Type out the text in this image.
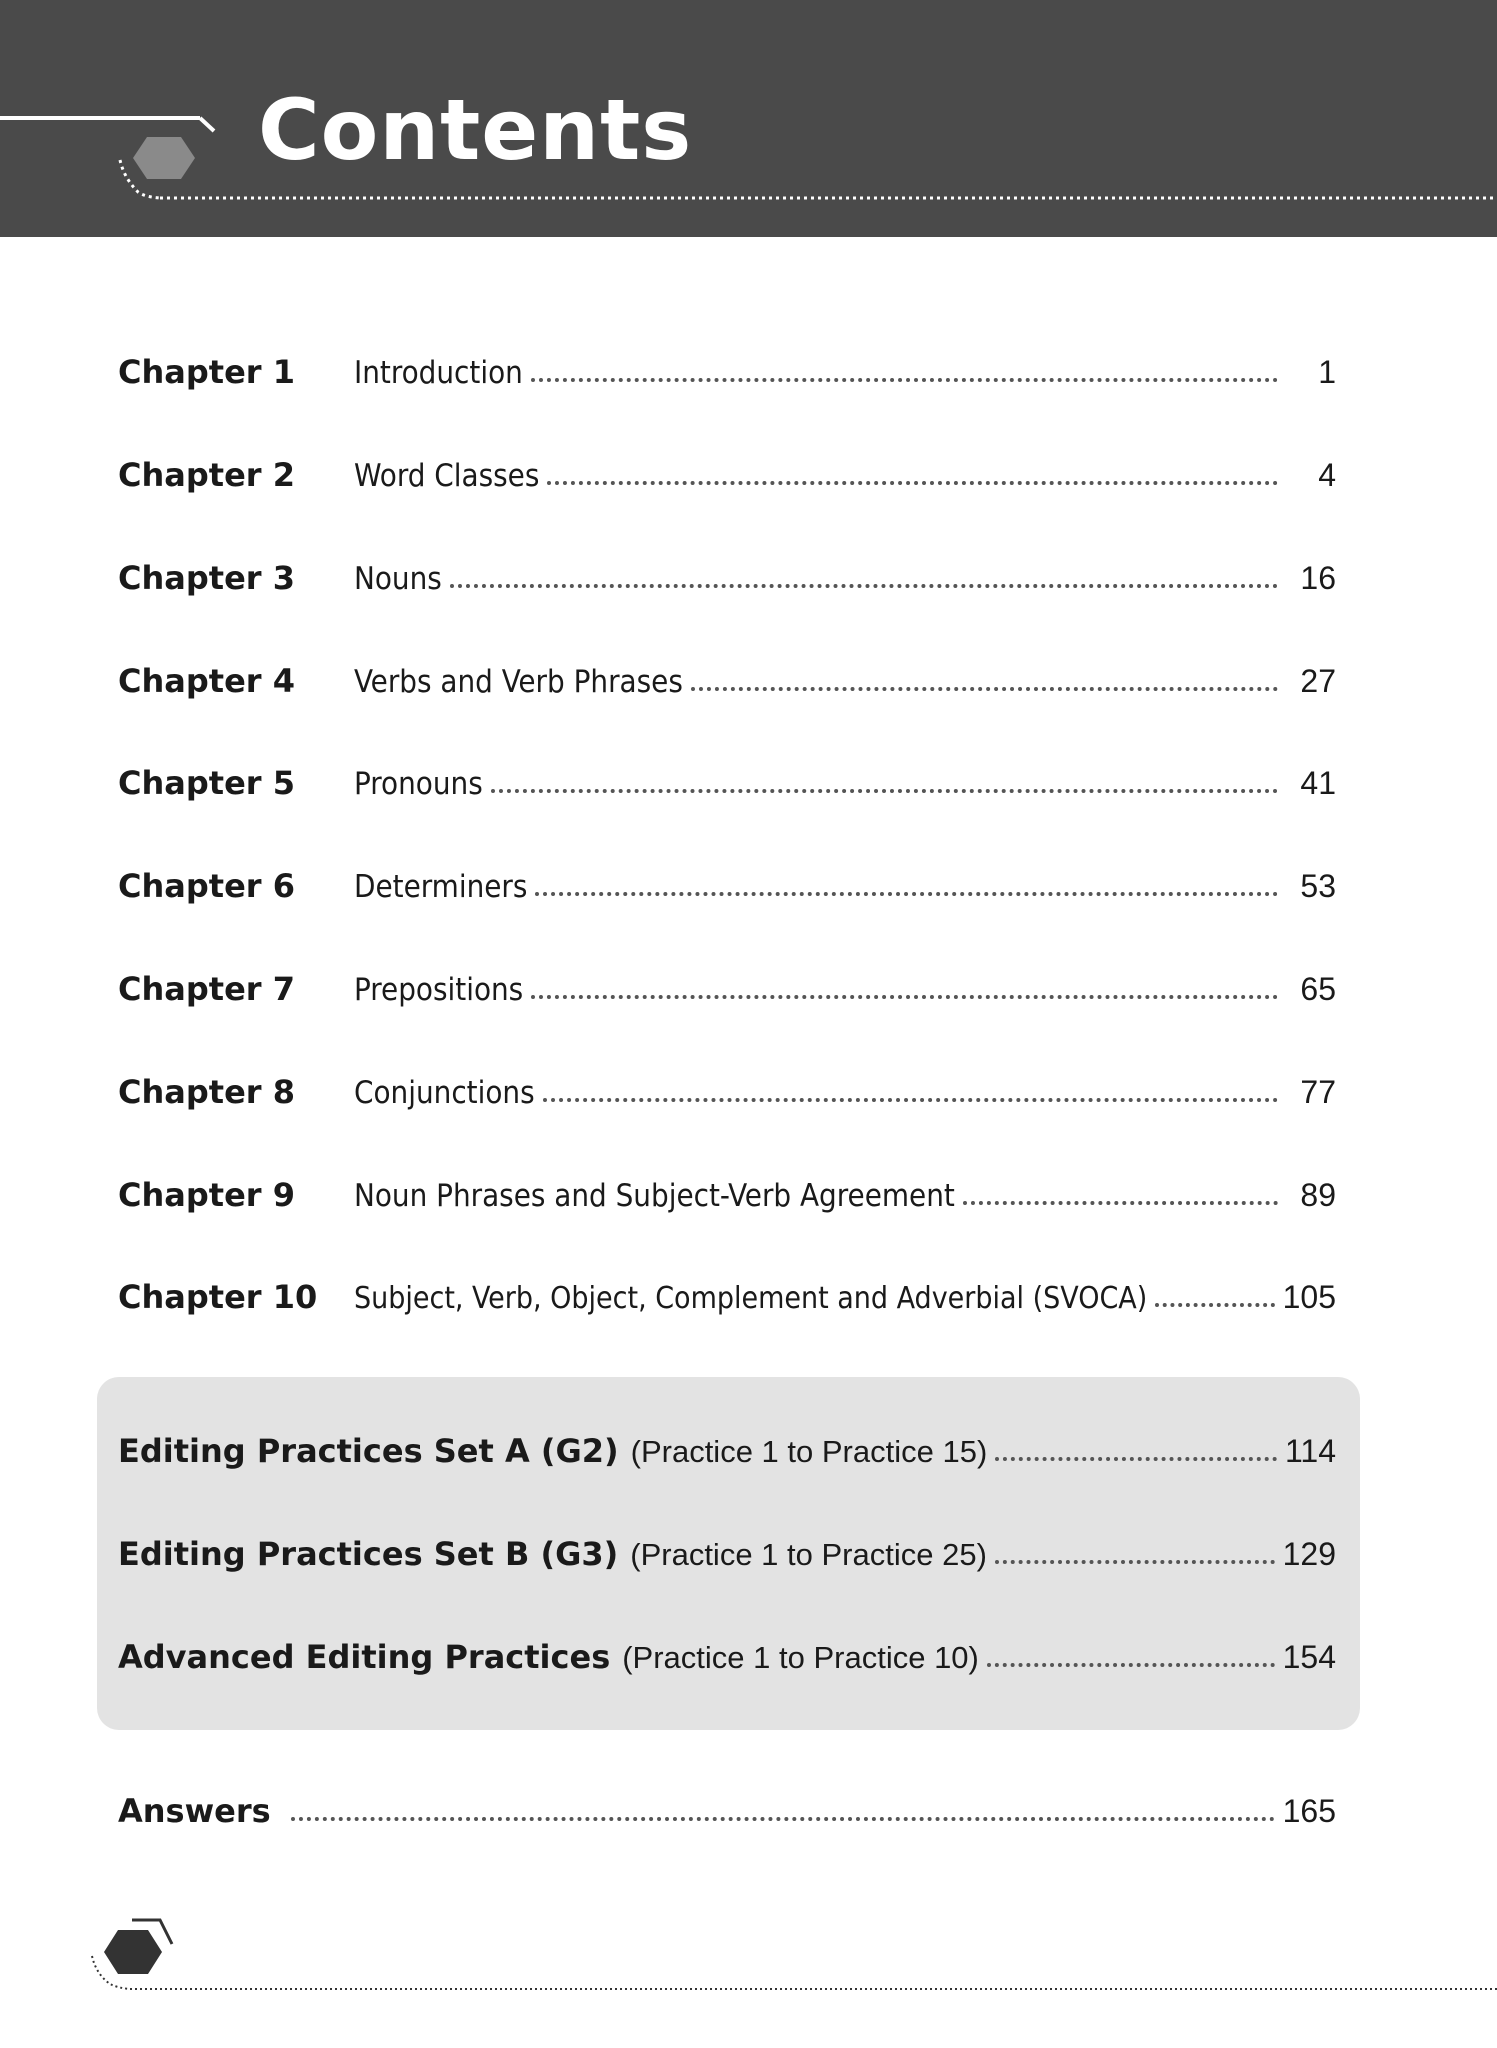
Contents
Chapter 1	Introduction	1
Chapter 2	Word Classes	4
Chapter 3	Nouns	16
Chapter 4	Verbs and Verb Phrases	27
Chapter 5	Pronouns	41
Chapter 6	Determiners	53
Chapter 7	Prepositions	65
Chapter 8	Conjunctions	77
Chapter 9	Noun Phrases and Subject-Verb Agreement	89
Chapter 10	Subject, Verb, Object, Complement and Adverbial (SVOCA)	105
Editing Practices Set A (G2) (Practice 1 to Practice 15)	114
Editing Practices Set B (G3) (Practice 1 to Practice 25)	129
Advanced Editing Practices (Practice 1 to Practice 10)	154
Answers	165
